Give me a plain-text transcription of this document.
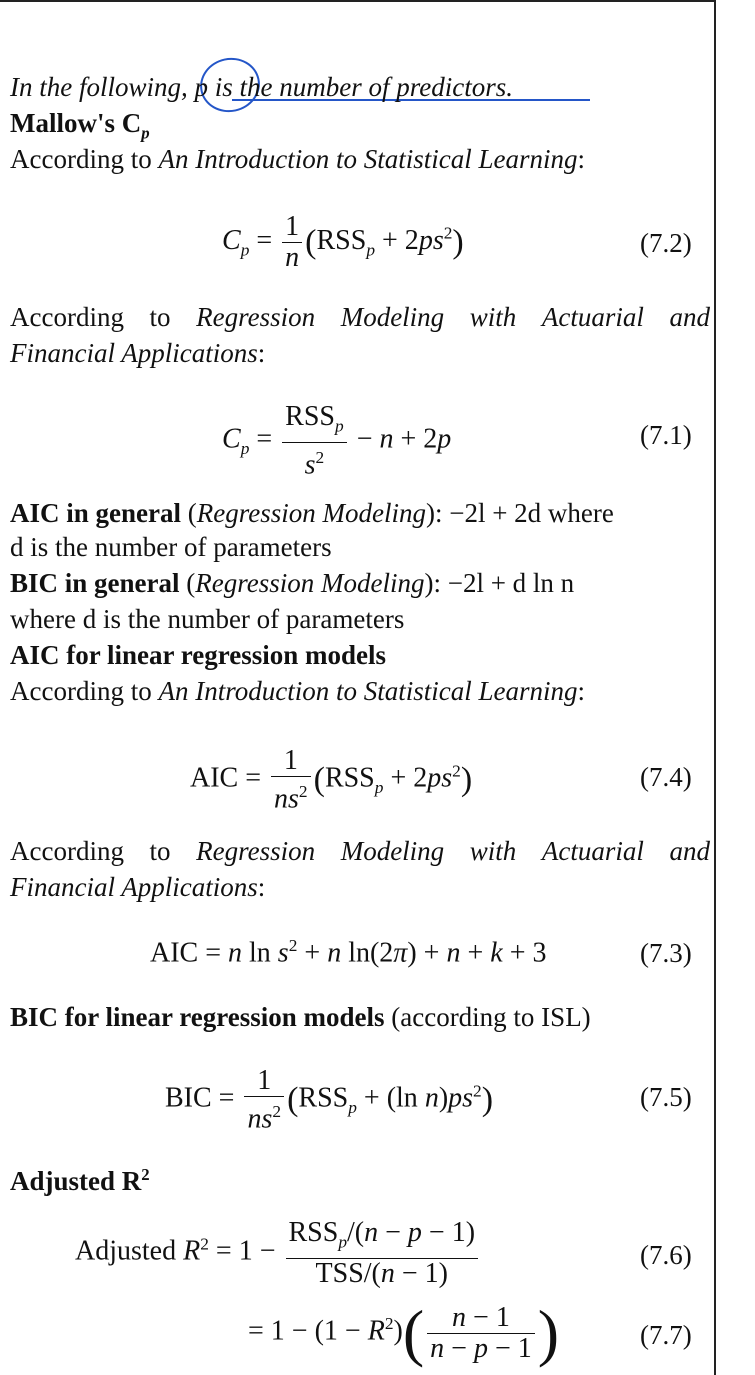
In the following, p is the number of predictors.
Mallow's $C_p$
According to An Introduction to Statistical Learning:
$C_p = \frac{1}{n} (RSS_p + 2ps^2)$	(7.2)
According to Regression Modeling with Actuarial and
Financial Applications:
$C_p = \frac{RSS_p}{s^2} - n + 2p$	(7.1)
AIC in general (Regression Modeling): −2l + 2d where
d is the number of parameters
BIC in general (Regression Modeling): −2l + d ln n
where d is the number of parameters
AIC for linear regression models
According to An Introduction to Statistical Learning:
AIC = $\frac{1}{ns^2} (RSS_p + 2ps^2)$	(7.4)
According to Regression Modeling with Actuarial and
Financial Applications:
AIC = n $\ln s^2 + n$ ln(2π) + n + k + 3	(7.3)
BIC for linear regression models (according to ISL)
BIC = $\frac{1}{ns^2} (RSS_p + (\ln$ $n)ps^2$)	(7.5)
Adjusted $R^2$
Adjusted $R^2 = 1 - \frac{RSS_p/(n - p - 1)}{\text{TSS/(n − 1)}}$	(7.6)
= $1 - (1 - R^2)( \frac{n - 1}{n - p - 1}$ )	(7.7)
